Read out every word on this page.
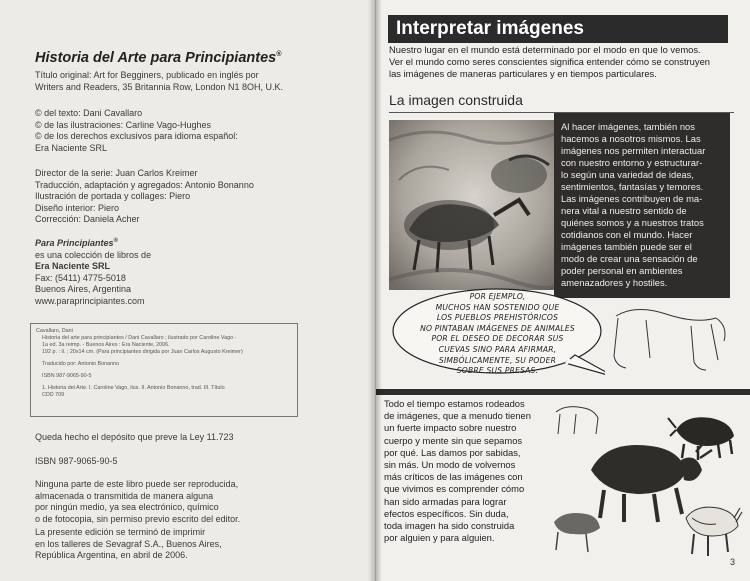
Historia del Arte para Principiantes®
Título original: Art for Begginers, publicado en inglés por
Writers and Readers, 35 Britannia Row, London N1 8OH, U.K.
© del texto: Dani Cavallaro
© de las ilustraciones: Carline Vago-Hughes
© de los derechos exclusivos para idioma español:
Era Naciente SRL
Director de la serie: Juan Carlos Kreimer
Traducción, adaptación y agregados: Antonio Bonanno
Ilustración de portada y collages: Piero
Diseño interior: Piero
Corrección: Daniela Acher
Para Principiantes®
es una colección de libros de
Era Naciente SRL
Fax: (5411) 4775-5018
Buenos Aires, Argentina
www.paraprincipiantes.com
Cavallaro, Dani
Historia del arte para principiantes / Dani Cavallaro ; ilustrado por Caroline Vago -
1a ed. 3a reimp. - Buenos Aires : Era Naciente, 2006.
192 p. : il. ; 20x14 cm. (Para principiantes dirigida por Juan Carlos Augusto Kreimer)
Traducido por: Antonio Bonanno
ISBN 987-9065-90-5
1. Historia del Arte. I. Caroline Vago, ilus. II. Antonio Bonanno, trad. III. Título
CDD 709
Queda hecho el depósito que preve la Ley 11.723
ISBN 987-9065-90-5
Ninguna parte de este libro puede ser reproducida,
almacenada o transmitida de manera alguna
por ningún medio, ya sea electrónico, químico
o de fotocopia, sin permiso previo escrito del editor.
La presente edición se terminó de imprimir
en los talleres de Sevagraf S.A., Buenos Aires,
República Argentina, en abril de 2006.
Interpretar imágenes
Nuestro lugar en el mundo está determinado por el modo en que lo vemos.
Ver el mundo como seres conscientes significa entender cómo se construyen
las imágenes de maneras particulares y en tiempos particulares.
La imagen construida
Al hacer imágenes, también nos
hacemos a nosotros mismos. Las
imágenes nos permiten interactuar
con nuestro entorno y estructurar-
lo según una variedad de ideas,
sentimientos, fantasías y temores.
Las imágenes contribuyen de ma-
nera vital a nuestro sentido de
quiénes somos y a nuestros tratos
cotidianos con el mundo. Hacer
imágenes también puede ser el
modo de crear una sensación de
poder personal en ambientes
amenazadores y hostiles.
POR EJEMPLO,
MUCHOS HAN SOSTENIDO QUE
LOS PUEBLOS PREHISTÓRICOS
NO PINTABAN IMÁGENES DE ANIMALES
POR EL DESEO DE DECORAR SUS
CUEVAS SINO PARA AFIRMAR,
SIMBÓLICAMENTE, SU PODER
SOBRE SUS PRESAS.
Todo el tiempo estamos rodeados
de imágenes, que a menudo tienen
un fuerte impacto sobre nuestro
cuerpo y mente sin que sepamos
por qué. Las damos por sabidas,
sin más. Un modo de volvernos
más críticos de las imágenes con
que vivimos es comprender cómo
han sido armadas para lograr
efectos específicos. Sin duda,
toda imagen ha sido construida
por alguien y para alguien.
3
